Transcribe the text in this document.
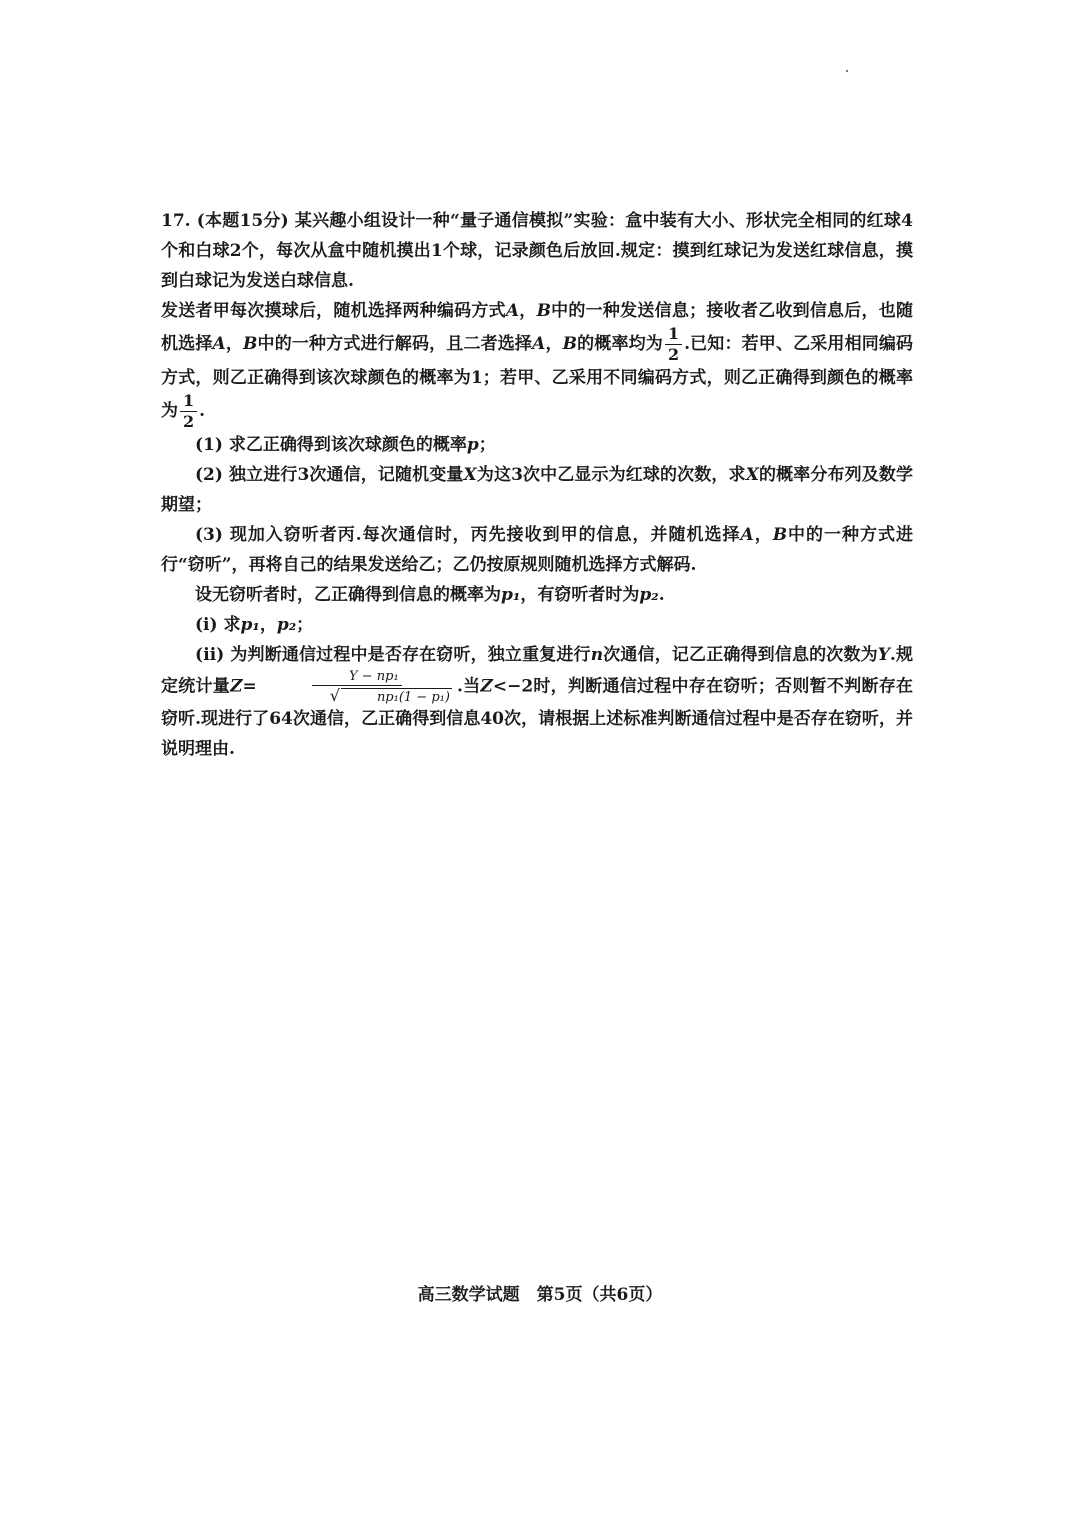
17. (本题15分) 某兴趣小组设计一种“量子通信模拟”实验：盒中装有大小、形状完全相同的红球4个和白球2个，每次从盒中随机摸出1个球，记录颜色后放回.规定：摸到红球记为发送红球信息，摸到白球记为发送白球信息.

发送者甲每次摸球后，随机选择两种编码方式A，B中的一种发送信息；接收者乙收到信息后，也随机选择A，B中的一种方式进行解码，且二者选择A，B的概率均为 $\frac{1}{2}$ .已知：若甲、乙采用相同编码方式，则乙正确得到该次球颜色的概率为1；若甲、乙采用不同编码方式，则乙正确得到颜色的概率为 $\frac{1}{2}$ .

(1) 求乙正确得到该次球颜色的概率p；

(2) 独立进行3次通信，记随机变量X为这3次中乙显示为红球的次数，求X的概率分布列及数学期望；

(3) 现加入窃听者丙.每次通信时，丙先接收到甲的信息，并随机选择A，B中的一种方式进行“窃听”，再将自己的结果发送给乙；乙仍按原规则随机选择方式解码.

设无窃听者时，乙正确得到信息的概率为p₁，有窃听者时为p₂.

(ⅰ) 求p₁，p₂；

(ⅱ) 为判断通信过程中是否存在窃听，独立重复进行n次通信，记乙正确得到信息的次数为Y.规定统计量Z= Y − np₁
√	np₁(1 − p₁) .当Z<−2时，判断通信过程中存在窃听；否则暂不判断存在窃听.现进行了64次通信，乙正确得到信息40次，请根据上述标准判断通信过程中是否存在窃听，并说明理由.

高三数学试题　第5页（共6页）
